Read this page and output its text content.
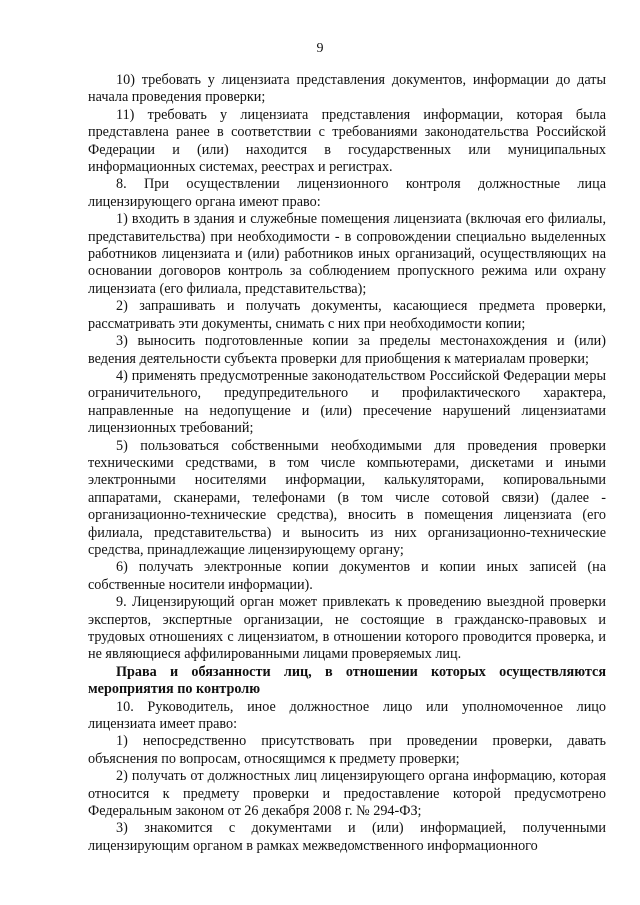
9

10) требовать у лицензиата представления документов, информации до даты начала проведения проверки;

11) требовать у лицензиата представления информации, которая была представлена ранее в соответствии с требованиями законодательства Российской Федерации и (или) находится в государственных или муниципальных информационных системах, реестрах и регистрах.

8. При осуществлении лицензионного контроля должностные лица лицензирующего органа имеют право:

1) входить в здания и служебные помещения лицензиата (включая его филиалы, представительства) при необходимости - в сопровождении специально выделенных работников лицензиата и (или) работников иных организаций, осуществляющих на основании договоров контроль за соблюдением пропускного режима или охрану лицензиата (его филиала, представительства);

2) запрашивать и получать документы, касающиеся предмета проверки, рассматривать эти документы, снимать с них при необходимости копии;

3) выносить подготовленные копии за пределы местонахождения и (или) ведения деятельности субъекта проверки для приобщения к материалам проверки;

4) применять предусмотренные законодательством Российской Федерации меры ограничительного, предупредительного и профилактического характера, направленные на недопущение и (или) пресечение нарушений лицензиатами лицензионных требований;

5) пользоваться собственными необходимыми для проведения проверки техническими средствами, в том числе компьютерами, дискетами и иными электронными носителями информации, калькуляторами, копировальными аппаратами, сканерами, телефонами (в том числе сотовой связи) (далее - организационно-технические средства), вносить в помещения лицензиата (его филиала, представительства) и выносить из них организационно-технические средства, принадлежащие лицензирующему органу;

6) получать электронные копии документов и копии иных записей (на собственные носители информации).

9. Лицензирующий орган может привлекать к проведению выездной проверки экспертов, экспертные организации, не состоящие в гражданско-правовых и трудовых отношениях с лицензиатом, в отношении которого проводится проверка, и не являющиеся аффилированными лицами проверяемых лиц.

Права и обязанности лиц, в отношении которых осуществляются мероприятия по контролю

10. Руководитель, иное должностное лицо или уполномоченное лицо лицензиата имеет право:

1) непосредственно присутствовать при проведении проверки, давать объяснения по вопросам, относящимся к предмету проверки;

2) получать от должностных лиц лицензирующего органа информацию, которая относится к предмету проверки и предоставление которой предусмотрено Федеральным законом от 26 декабря 2008 г. № 294-ФЗ;

3) знакомится с документами и (или) информацией, полученными лицензирующим органом в рамках межведомственного информационного
